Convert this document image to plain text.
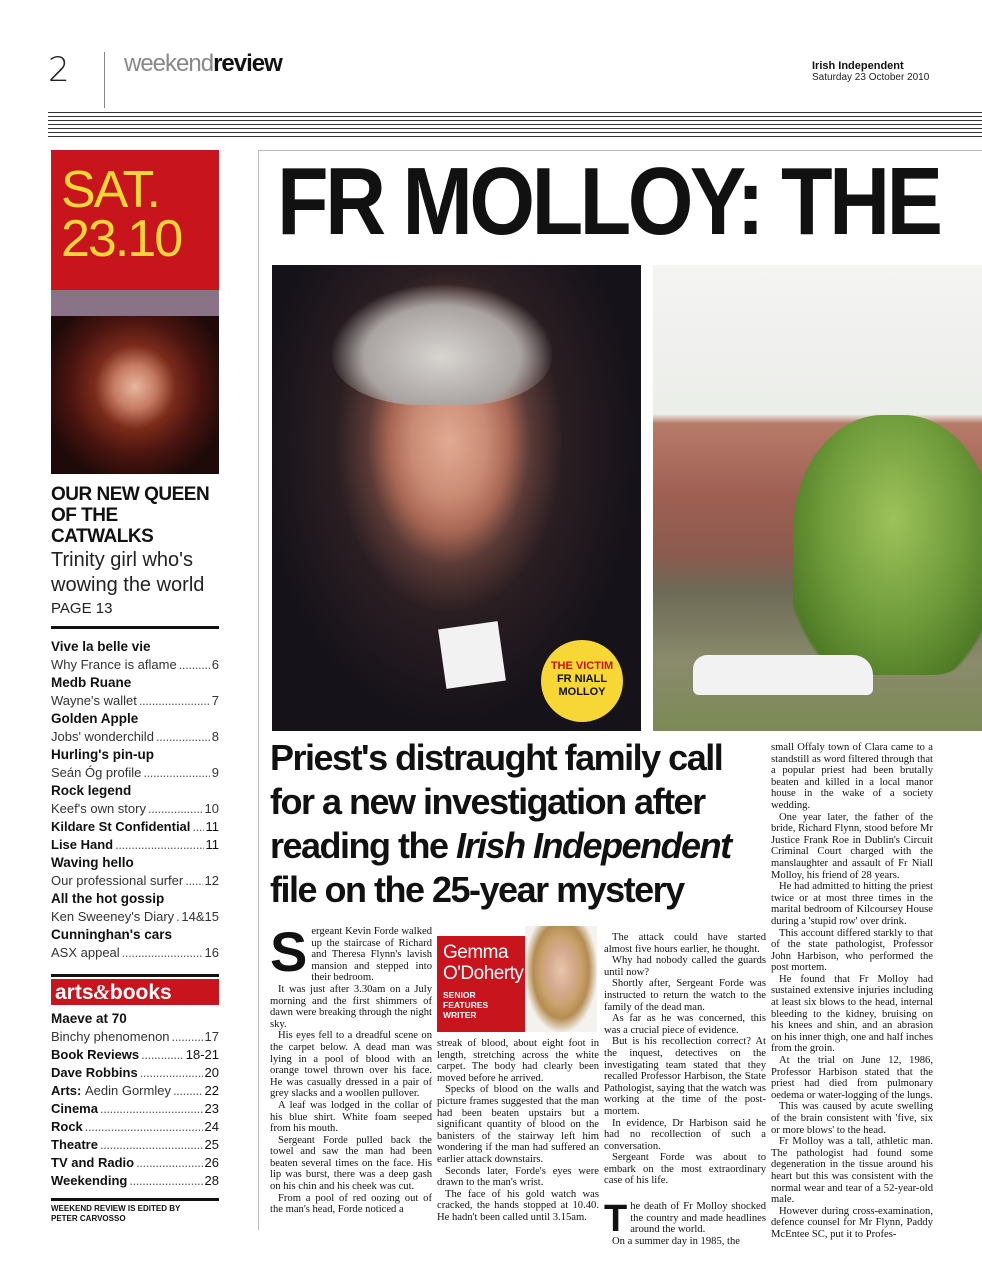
2 weekendreview	Irish Independent
Saturday 23 October 2010
SAT.
23.10
OUR NEW QUEEN OF THE CATWALKS
Trinity girl who's wowing the world
PAGE 13
Vive la belle vie
Why France is aflame . . .	6
Medb Ruane
Wayne's wallet . . .	7
Golden Apple
Jobs' wonderchild . . .	8
Hurling's pin-up
Seán Óg profile . . .	9
Rock legend
Keef's own story . . .	10
Kildare St Confidential . . . 11
Lise Hand . . .	11
Waving hello
Our professional surfer . . . 12
All the hot gossip
Ken Sweeney's Diary . . . 14&15
Cunninghan's cars
ASX appeal . . .	16
arts&books
Maeve at 70
Binchy phenomenon . . .	17
Book Reviews . . .	18-21
Dave Robbins . . .	20
Arts:
Aedin Gormley . . .	22
Cinema . . .	23
Rock . . .	24
Theatre . . .	25
TV and Radio . . .	26
Weekending . . .	28
WEEKEND REVIEW IS EDITED BY
PETER CARVOSSO
FR MOLLOY: THE
THE VICTIM
FR NIALL
MOLLOY
Priest's distraught family call for a new investigation after reading the Irish Independent file on the 25-year mystery

Sergeant Kevin Forde walked up the staircase of Richard and Theresa Flynn's lavish mansion and stepped into their bedroom.

It was just after 3.30am on a July morning and the first shimmers of dawn were breaking through the night sky.

His eyes fell to a dreadful scene on the carpet below. A dead man was lying in a pool of blood with an orange towel thrown over his face. He was casually dressed in a pair of grey slacks and a woollen pullover.

A leaf was lodged in the collar of his blue shirt. White foam seeped from his mouth.

Sergeant Forde pulled back the towel and saw the man had been beaten several times on the face. His lip was burst, there was a deep gash on his chin and his cheek was cut.

From a pool of red oozing out of the man's head, Forde noticed a

Gemma
O'Doherty
SENIOR FEATURES WRITER

streak of blood, about eight foot in length, stretching across the white carpet. The body had clearly been moved before he arrived.

Specks of blood on the walls and picture frames suggested that the man had been beaten upstairs but a significant quantity of blood on the banisters of the stairway left him wondering if the man had suffered an earlier attack downstairs.

Seconds later, Forde's eyes were drawn to the man's wrist.

The face of his gold watch was cracked, the hands stopped at 10.40. He hadn't been called until 3.15am.

The attack could have started almost five hours earlier, he thought.

Why had nobody called the guards until now?

Shortly after, Sergeant Forde was instructed to return the watch to the family of the dead man.

As far as he was concerned, this was a crucial piece of evidence.

But is his recollection correct? At the inquest, detectives on the investigating team stated that they recalled Professor Harbison, the State Pathologist, saying that the watch was working at the time of the post-mortem.

In evidence, Dr Harbison said he had no recollection of such a conversation.

Sergeant Forde was about to embark on the most extraordinary case of his life.

The death of Fr Molloy shocked the country and made headlines around the world.

On a summer day in 1985, the

small Offaly town of Clara came to a standstill as word filtered through that a popular priest had been brutally beaten and killed in a local manor house in the wake of a society wedding.

One year later, the father of the bride, Richard Flynn, stood before Mr Justice Frank Roe in Dublin's Circuit Criminal Court charged with the manslaughter and assault of Fr Niall Molloy, his friend of 28 years.

He had admitted to hitting the priest twice or at most three times in the marital bedroom of Kilcoursey House during a 'stupid row' over drink.

This account differed starkly to that of the state pathologist, Professor John Harbison, who performed the post mortem.

He found that Fr Molloy had sustained extensive injuries including at least six blows to the head, internal bleeding to the kidney, bruising on his knees and shin, and an abrasion on his inner thigh, one and half inches from the groin.

At the trial on June 12, 1986, Professor Harbison stated that the priest had died from pulmonary oedema or water-logging of the lungs.

This was caused by acute swelling of the brain consistent with 'five, six or more blows' to the head.

Fr Molloy was a tall, athletic man. The pathologist had found some degeneration in the tissue around his heart but this was consistent with the normal wear and tear of a 52-year-old male.

However during cross-examination, defence counsel for Mr Flynn, Paddy McEntee SC, put it to Profes-
